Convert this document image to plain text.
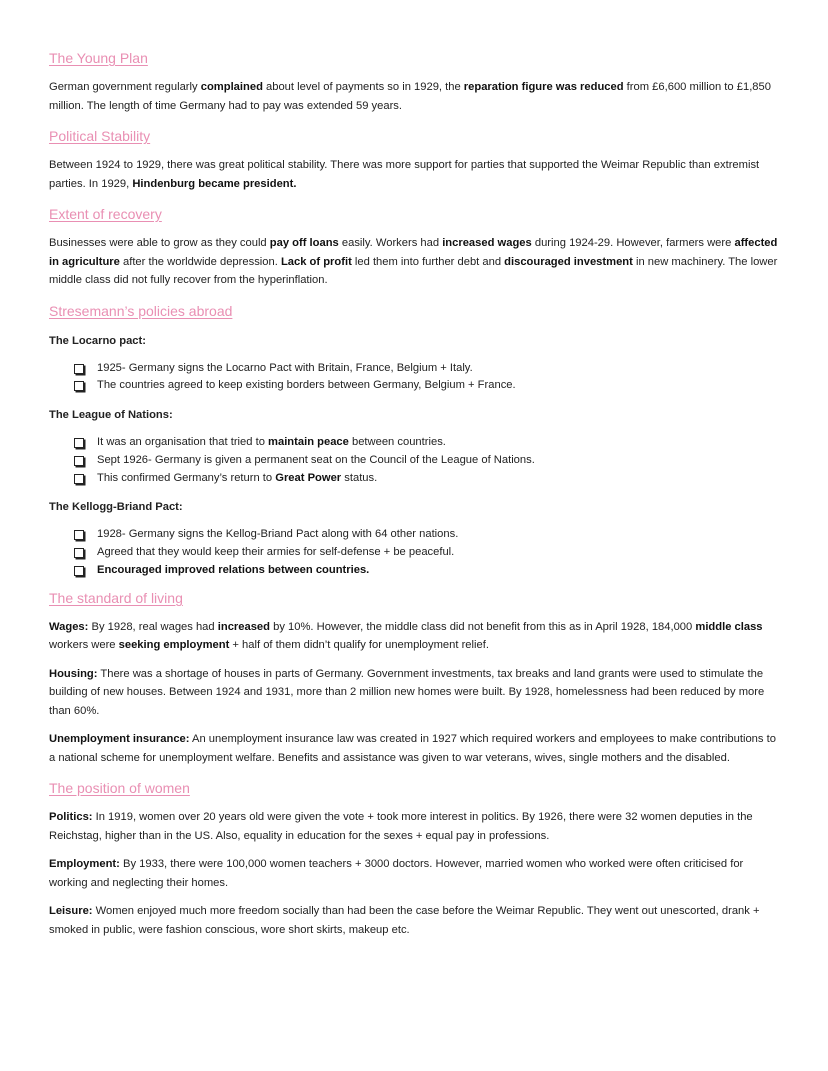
The Young Plan

German government regularly complained about level of payments so in 1929, the reparation figure was reduced from £6,600 million to £1,850 million. The length of time Germany had to pay was extended 59 years.

Political Stability

Between 1924 to 1929, there was great political stability. There was more support for parties that supported the Weimar Republic than extremist parties. In 1929, Hindenburg became president.

Extent of recovery

Businesses were able to grow as they could pay off loans easily. Workers had increased wages during 1924-29. However, farmers were affected in agriculture after the worldwide depression. Lack of profit led them into further debt and discouraged investment in new machinery. The lower middle class did not fully recover from the hyperinflation.

Stresemann’s policies abroad
The Locarno pact:
1925- Germany signs the Locarno Pact with Britain, France, Belgium + Italy.
The countries agreed to keep existing borders between Germany, Belgium + France.
The League of Nations:
It was an organisation that tried to maintain peace between countries.
Sept 1926- Germany is given a permanent seat on the Council of the League of Nations.
This confirmed Germany’s return to Great Power status.
The Kellogg-Briand Pact:
1928- Germany signs the Kellog-Briand Pact along with 64 other nations.
Agreed that they would keep their armies for self-defense + be peaceful.
Encouraged improved relations between countries.
The standard of living

Wages: By 1928, real wages had increased by 10%. However, the middle class did not benefit from this as in April 1928, 184,000 middle class workers were seeking employment + half of them didn’t qualify for unemployment relief.

Housing: There was a shortage of houses in parts of Germany. Government investments, tax breaks and land grants were used to stimulate the building of new houses. Between 1924 and 1931, more than 2 million new homes were built. By 1928, homelessness had been reduced by more than 60%.

Unemployment insurance: An unemployment insurance law was created in 1927 which required workers and employees to make contributions to a national scheme for unemployment welfare. Benefits and assistance was given to war veterans, wives, single mothers and the disabled.

The position of women

Politics: In 1919, women over 20 years old were given the vote + took more interest in politics. By 1926, there were 32 women deputies in the Reichstag, higher than in the US. Also, equality in education for the sexes + equal pay in professions.

Employment: By 1933, there were 100,000 women teachers + 3000 doctors. However, married women who worked were often criticised for working and neglecting their homes.

Leisure: Women enjoyed much more freedom socially than had been the case before the Weimar Republic. They went out unescorted, drank + smoked in public, were fashion conscious, wore short skirts, makeup etc.
